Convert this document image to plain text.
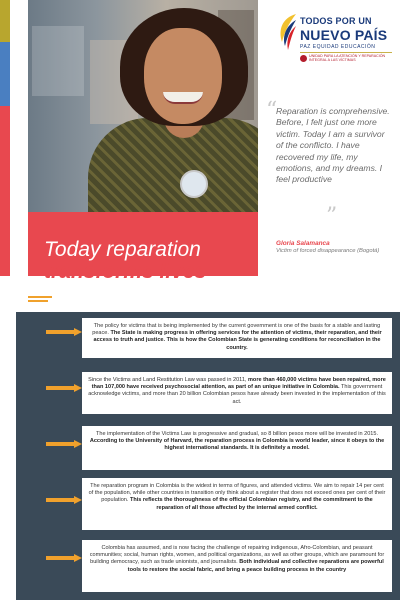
TODOS POR UN
NUEVO PAÍS
PAZ EQUIDAD EDUCACIÓN
UNIDAD PARA LA ATENCIÓN Y REPARACIÓN INTEGRAL A LAS VÍCTIMAS
“
Reparation is comprehensive. Before, I felt just one more victim. Today I am a survivor of the conflicto. I have recovered my life, my emotions, and my dreams. I feel productive
”
Gloria Salamanca
Victim of forced disappearance (Bogotá)
Today reparation
transforms lives
The policy for victims that is being implemented by the current government is one of the basis for a stable and lasting peace. The State is making progress in offering services for the attention of victims, their reparation, and their access to truth and justice. This is how the Colombian State is generating conditions for reconciliation in the country.
Since the Victims and Land Restitution Law was passed in 2011, more than 460,000 victims have been repaired, more than 107,000 have received psychosocial attention, as part of an unique initiative in Colombia. This government acknowledge victims, and more than 20 billion Colombian pesos have already been invested in the implementation of this act.
The implementation of the Victims Law is progressive and gradual, so 8 billion pesos more will be invested in 2015. According to the University of Harvard, the reparation process in Colombia is world leader, since it obeys to the highest international standards. It is definitely a model.
The reparation program in Colombia is the widest in terms of figures, and attended victims. We aim to repair 14 per cent of the population, while other countries in transition only think about a register that does not exceed ones per cent of their population. This reflects the thoroughness of the official Colombian registry, and the commitment to the reparation of all those affected by the internal armed conflict.
Colombia has assumed, and is now facing the challenge of repairing indigenous, Afro-Colombian, and peasant communities; social, human rights, women, and political organizations, as well as other groups, which are paramount for building democracy, such as trade unionists, and journalists. Both individual and collective reparations are powerful tools to restore the social fabric, and bring a peace building process in the country
